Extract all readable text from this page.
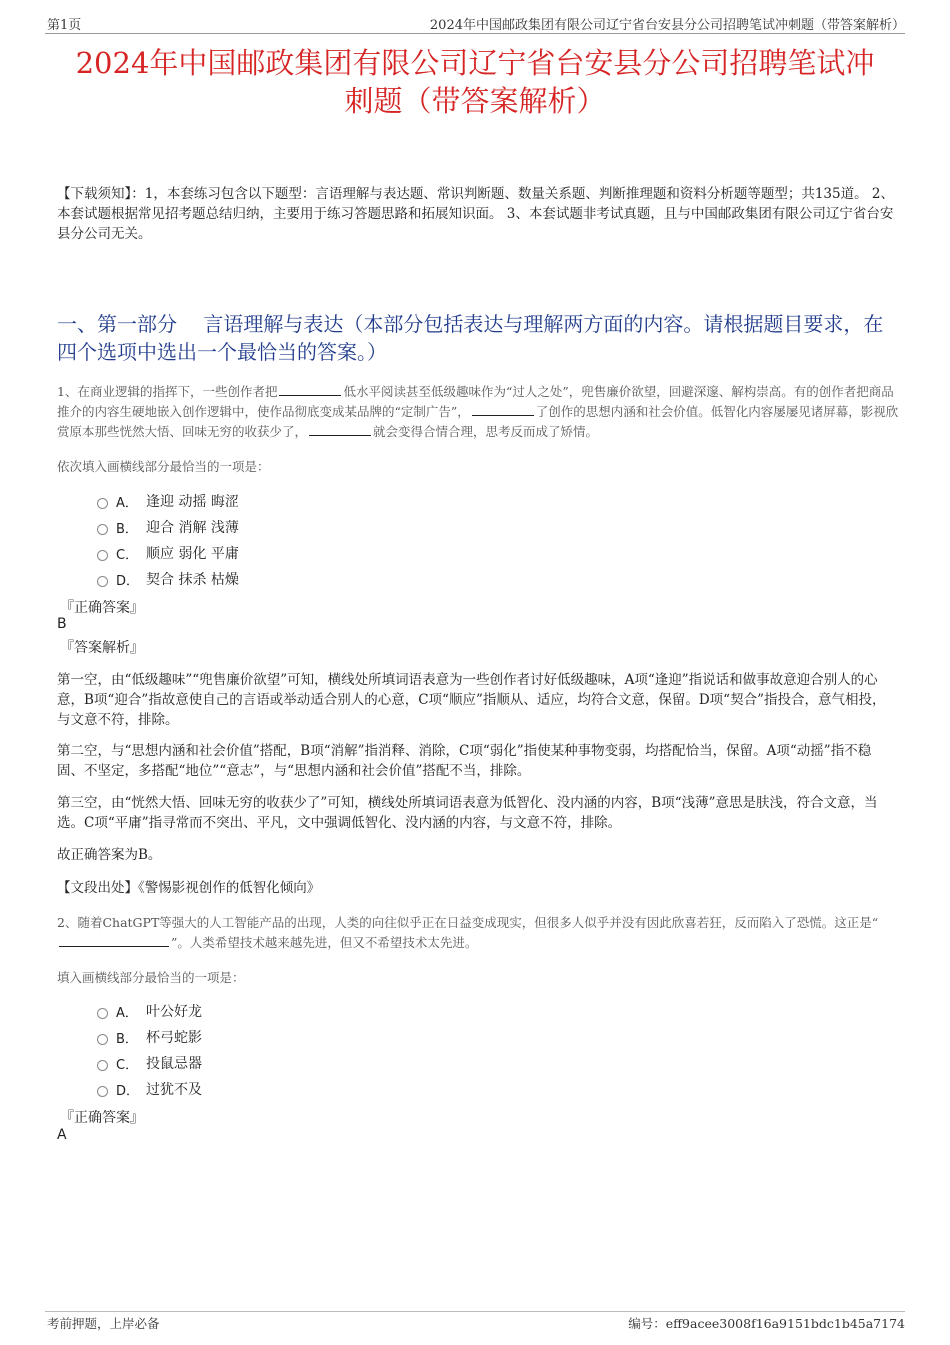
第1页	2024年中国邮政集团有限公司辽宁省台安县分公司招聘笔试冲刺题（带答案解析）
2024年中国邮政集团有限公司辽宁省台安县分公司招聘笔试冲
刺题（带答案解析）
【下载须知】：1，本套练习包含以下题型：言语理解与表达题、常识判断题、数量关系题、判断推理题和资料分析题等题型；共135道。 2、本套试题根据常见招考题总结归纳，主要用于练习答题思路和拓展知识面。 3、本套试题非考试真题，且与中国邮政集团有限公司辽宁省台安县分公司无关。
一、第一部分　 言语理解与表达（本部分包括表达与理解两方面的内容。请根据题目要求，在四个选项中选出一个最恰当的答案。）
1、在商业逻辑的指挥下，一些创作者把	低水平阅读甚至低级趣味作为“过人之处”，兜售廉价欲望，回避深邃、解构崇高。有的创作者把商品推介的内容生硬地嵌入创作逻辑中，使作品彻底变成某品牌的“定制广告”，	了创作的思想内涵和社会价值。低智化内容屡屡见诸屏幕，影视欣赏原本那些恍然大悟、回味无穷的收获少了，	就会变得合情合理，思考反而成了矫情。
依次填入画横线部分最恰当的一项是：
A． 逢迎 动摇 晦涩
B． 迎合 消解 浅薄
C． 顺应 弱化 平庸
D． 契合 抹杀 枯燥
『正确答案』
B
『答案解析』
第一空，由“低级趣味”“兜售廉价欲望”可知，横线处所填词语表意为一些创作者讨好低级趣味，A项“逢迎”指说话和做事故意迎合别人的心意，B项“迎合”指故意使自己的言语或举动适合别人的心意，C项“顺应”指顺从、适应，均符合文意，保留。D项“契合”指投合，意气相投，与文意不符，排除。
第二空，与“思想内涵和社会价值”搭配，B项“消解”指消释、消除，C项“弱化”指使某种事物变弱，均搭配恰当，保留。A项“动摇”指不稳固、不坚定，多搭配“地位”“意志”，与“思想内涵和社会价值”搭配不当，排除。
第三空，由“恍然大悟、回味无穷的收获少了”可知，横线处所填词语表意为低智化、没内涵的内容，B项“浅薄”意思是肤浅，符合文意，当选。C项“平庸”指寻常而不突出、平凡，文中强调低智化、没内涵的内容，与文意不符，排除。
故正确答案为B。
【文段出处】《警惕影视创作的低智化倾向》
2、随着ChatGPT等强大的人工智能产品的出现，人类的向往似乎正在日益变成现实，但很多人似乎并没有因此欣喜若狂，反而陷入了恐慌。这正是“”。人类希望技术越来越先进，但又不希望技术太先进。
填入画横线部分最恰当的一项是：
A． 叶公好龙
B． 杯弓蛇影
C． 投鼠忌器
D． 过犹不及
『正确答案』
A
考前押题，上岸必备	编号：eff9acee3008f16a9151bdc1b45a7174
